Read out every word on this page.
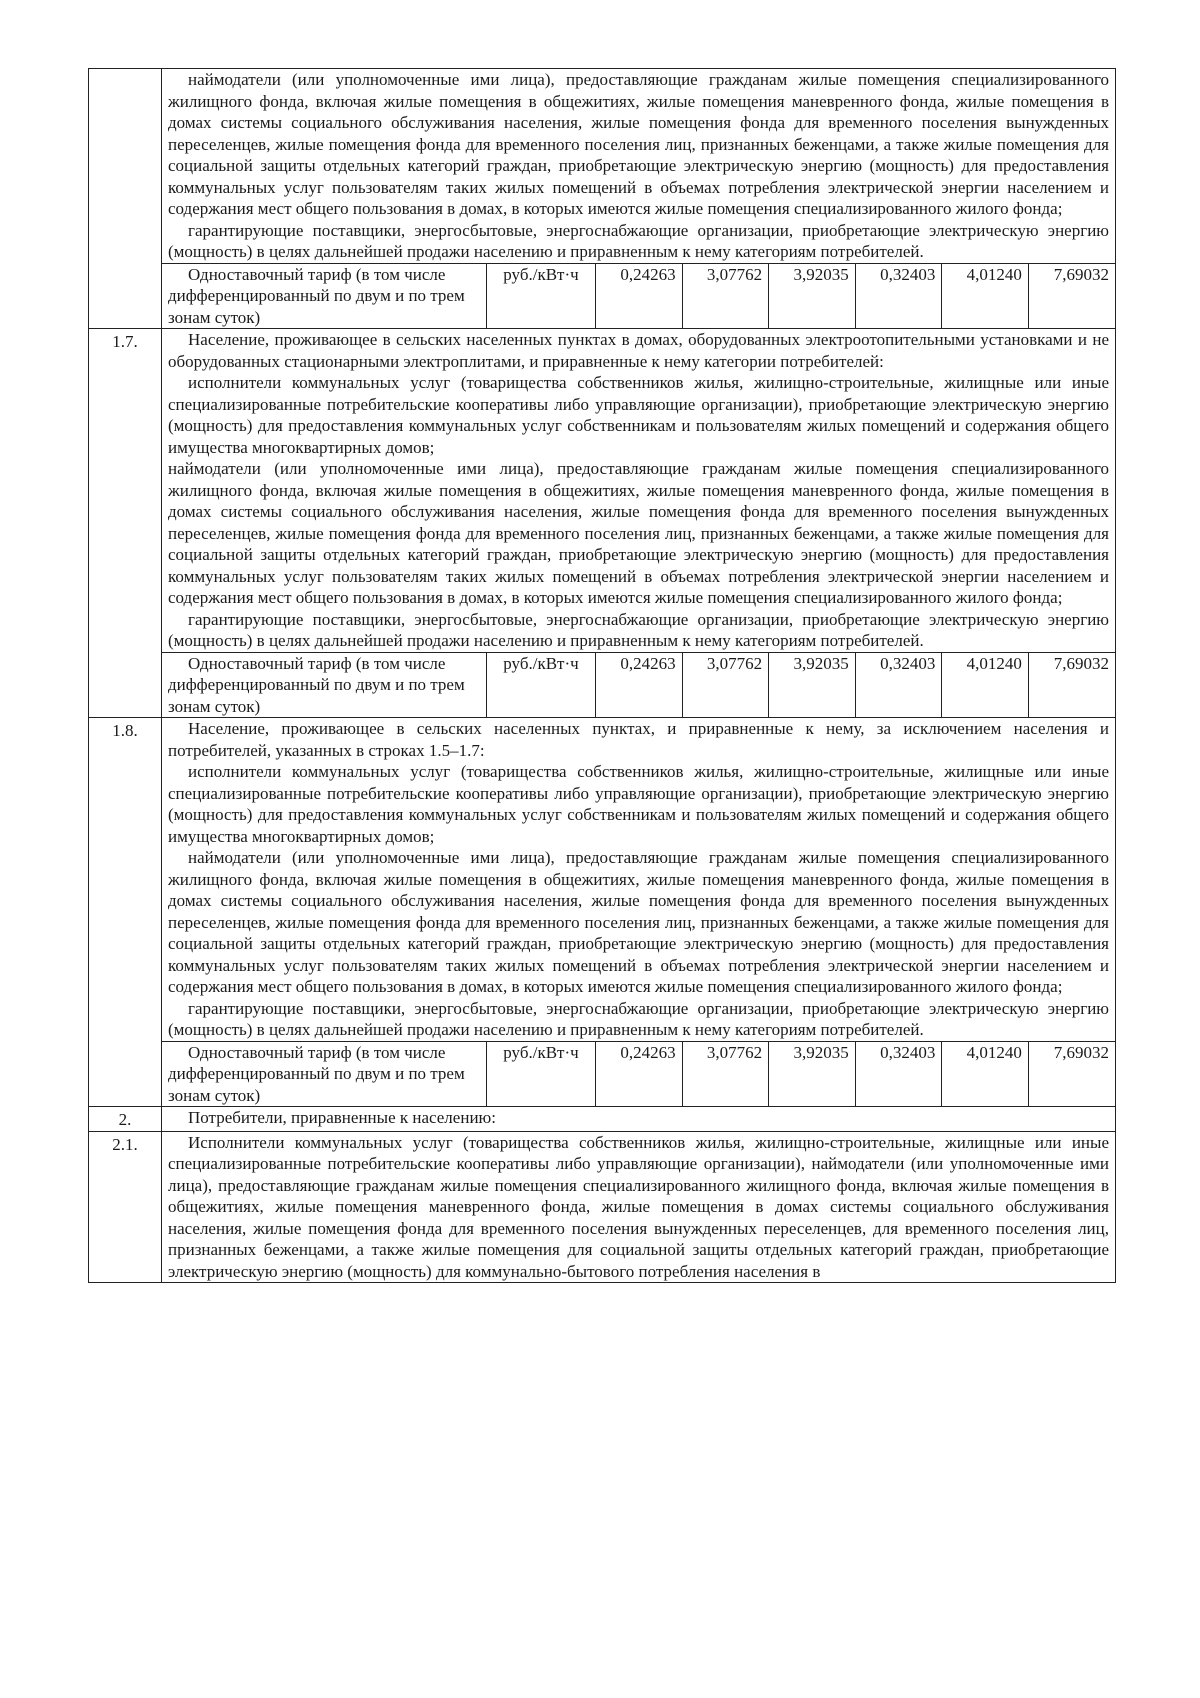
наймодатели (или уполномоченные ими лица), предоставляющие гражданам жилые помещения специализированного жилищного фонда, включая жилые помещения в общежитиях, жилые помещения маневренного фонда, жилые помещения в домах системы социального обслуживания населения, жилые помещения фонда для временного поселения вынужденных переселенцев, жилые помещения фонда для временного поселения лиц, признанных беженцами, а также жилые помещения для социальной защиты отдельных категорий граждан, приобретающие электрическую энергию (мощность) для предоставления коммунальных услуг пользователям таких жилых помещений в объемах потребления электрической энергии населением и содержания мест общего пользования в домах, в которых имеются жилые помещения специализированного жилого фонда;

гарантирующие поставщики, энергосбытовые, энергоснабжающие организации, приобретающие электрическую энергию (мощность) в целях дальнейшей продажи населению и приравненным к нему категориям потребителей.

Одноставочный тариф (в том числе дифференцированный по двум и по трем зонам суток)	руб./кВт·ч	0,24263	3,07762	3,92035	0,32403	4,01240	7,69032

1.7.	Население, проживающее в сельских населенных пунктах в домах, оборудованных электроотопительными установками и не оборудованных стационарными электроплитами, и приравненные к нему категории потребителей:

исполнители коммунальных услуг (товарищества собственников жилья, жилищно-строительные, жилищные или иные специализированные потребительские кооперативы либо управляющие организации), приобретающие электрическую энергию (мощность) для предоставления коммунальных услуг собственникам и пользователям жилых помещений и содержания общего имущества многоквартирных домов;

наймодатели (или уполномоченные ими лица), предоставляющие гражданам жилые помещения специализированного жилищного фонда, включая жилые помещения в общежитиях, жилые помещения маневренного фонда, жилые помещения в домах системы социального обслуживания населения, жилые помещения фонда для временного поселения вынужденных переселенцев, жилые помещения фонда для временного поселения лиц, признанных беженцами, а также жилые помещения для социальной защиты отдельных категорий граждан, приобретающие электрическую энергию (мощность) для предоставления коммунальных услуг пользователям таких жилых помещений в объемах потребления электрической энергии населением и содержания мест общего пользования в домах, в которых имеются жилые помещения специализированного жилого фонда;

гарантирующие поставщики, энергосбытовые, энергоснабжающие организации, приобретающие электрическую энергию (мощность) в целях дальнейшей продажи населению и приравненным к нему категориям потребителей.

Одноставочный тариф (в том числе дифференцированный по двум и по трем зонам суток)	руб./кВт·ч	0,24263	3,07762	3,92035	0,32403	4,01240	7,69032

1.8.	Население, проживающее в сельских населенных пунктах, и приравненные к нему, за исключением населения и потребителей, указанных в строках 1.5–1.7:

исполнители коммунальных услуг (товарищества собственников жилья, жилищно-строительные, жилищные или иные специализированные потребительские кооперативы либо управляющие организации), приобретающие электрическую энергию (мощность) для предоставления коммунальных услуг собственникам и пользователям жилых помещений и содержания общего имущества многоквартирных домов;

наймодатели (или уполномоченные ими лица), предоставляющие гражданам жилые помещения специализированного жилищного фонда, включая жилые помещения в общежитиях, жилые помещения маневренного фонда, жилые помещения в домах системы социального обслуживания населения, жилые помещения фонда для временного поселения вынужденных переселенцев, жилые помещения фонда для временного поселения лиц, признанных беженцами, а также жилые помещения для социальной защиты отдельных категорий граждан, приобретающие электрическую энергию (мощность) для предоставления коммунальных услуг пользователям таких жилых помещений в объемах потребления электрической энергии населением и содержания мест общего пользования в домах, в которых имеются жилые помещения специализированного жилого фонда;

гарантирующие поставщики, энергосбытовые, энергоснабжающие организации, приобретающие электрическую энергию (мощность) в целях дальнейшей продажи населению и приравненным к нему категориям потребителей.

Одноставочный тариф (в том числе дифференцированный по двум и по трем зонам суток)	руб./кВт·ч	0,24263	3,07762	3,92035	0,32403	4,01240	7,69032

2.	Потребители, приравненные к населению:

2.1.	Исполнители коммунальных услуг (товарищества собственников жилья, жилищно-строительные, жилищные или иные специализированные потребительские кооперативы либо управляющие организации), наймодатели (или уполномоченные ими лица), предоставляющие гражданам жилые помещения специализированного жилищного фонда, включая жилые помещения в общежитиях, жилые помещения маневренного фонда, жилые помещения в домах системы социального обслуживания населения, жилые помещения фонда для временного поселения вынужденных переселенцев, для временного поселения лиц, признанных беженцами, а также жилые помещения для социальной защиты отдельных категорий граждан, приобретающие электрическую энергию (мощность) для коммунально-бытового потребления населения в
